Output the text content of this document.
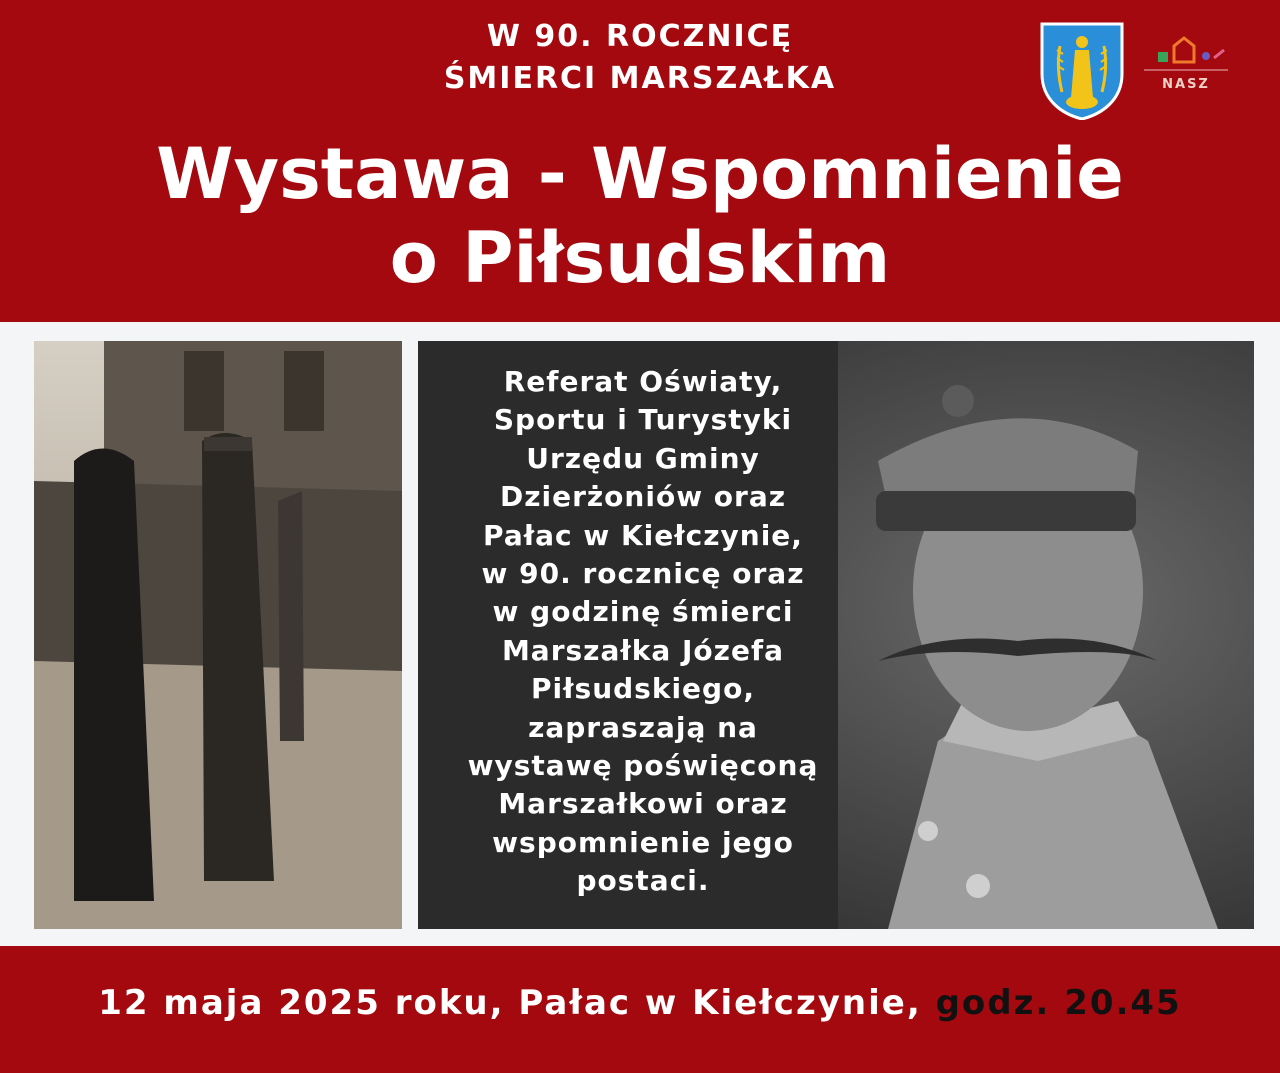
W 90. ROCZNICĘ
ŚMIERCI MARSZAŁKA
Wystawa - Wspomnienie
o Piłsudskim
NASZ
Referat Oświaty,
Sportu i Turystyki
Urzędu Gminy
Dzierżoniów oraz
Pałac w Kiełczynie,
w 90. rocznicę oraz
w godzinę śmierci
Marszałka Józefa
Piłsudskiego,
zapraszają na
wystawę poświęconą
Marszałkowi oraz
wspomnienie jego
postaci.
12 maja 2025 roku, Pałac w Kiełczynie, godz. 20.45
